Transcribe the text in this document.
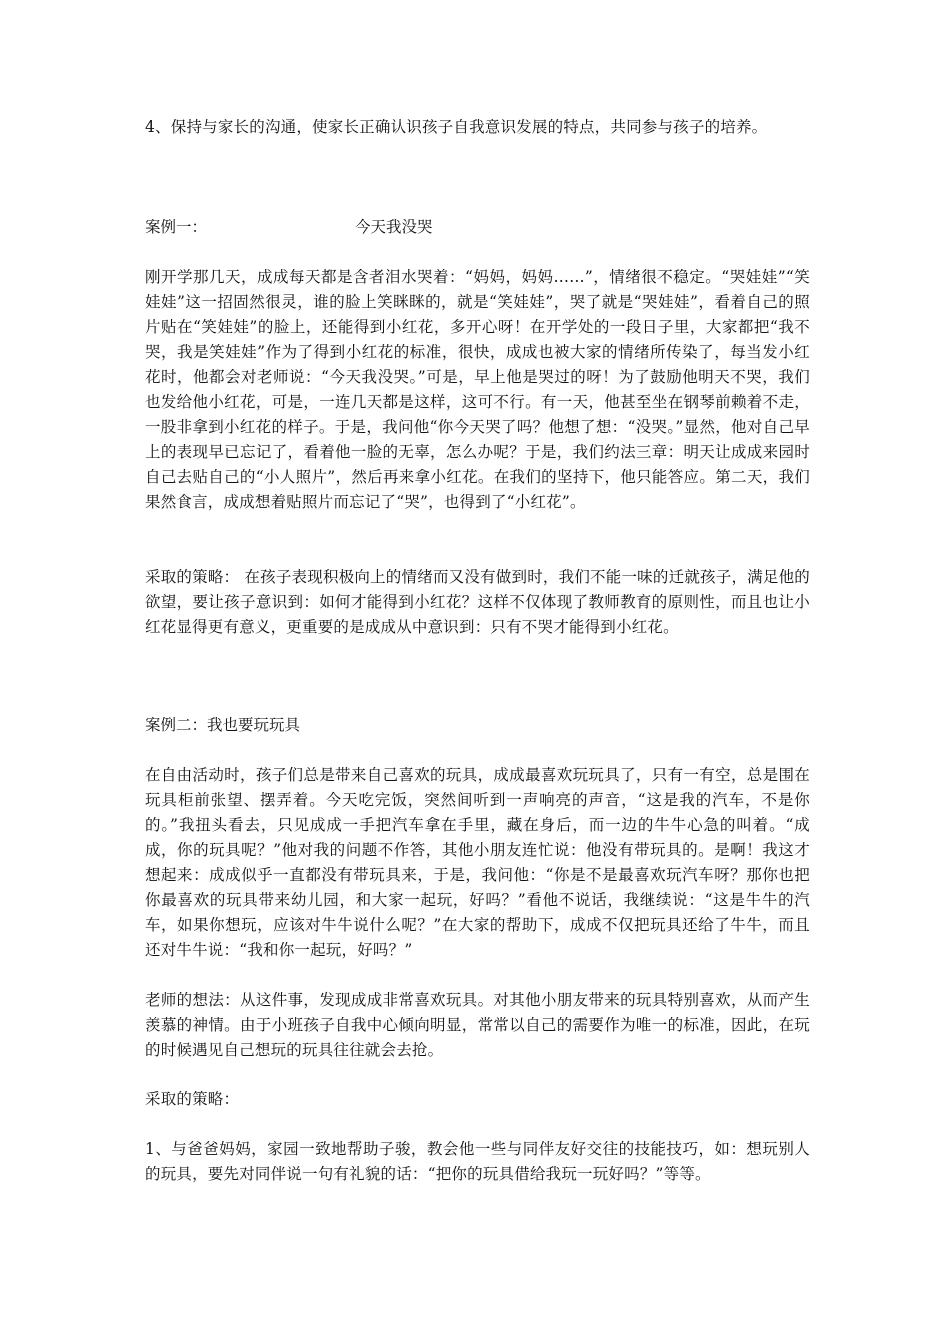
4、保持与家长的沟通，使家长正确认识孩子自我意识发展的特点，共同参与孩子的培养。
案例一：	今天我没哭
刚开学那几天，成成每天都是含者泪水哭着：“妈妈，妈妈……”，情绪很不稳定。“哭娃娃”“笑娃娃”这一招固然很灵，谁的脸上笑眯眯的，就是“笑娃娃”，哭了就是“哭娃娃”，看着自己的照片贴在“笑娃娃”的脸上，还能得到小红花，多开心呀！在开学处的一段日子里，大家都把“我不哭，我是笑娃娃”作为了得到小红花的标准，很快，成成也被大家的情绪所传染了，每当发小红花时，他都会对老师说：“今天我没哭。”可是，早上他是哭过的呀！为了鼓励他明天不哭，我们也发给他小红花，可是，一连几天都是这样，这可不行。有一天，他甚至坐在钢琴前赖着不走，一股非拿到小红花的样子。于是，我问他“你今天哭了吗？他想了想：“没哭。”显然，他对自己早上的表现早已忘记了，看着他一脸的无辜，怎么办呢？于是，我们约法三章：明天让成成来园时自己去贴自己的“小人照片”，然后再来拿小红花。在我们的坚持下，他只能答应。第二天，我们果然食言，成成想着贴照片而忘记了“哭”，也得到了“小红花”。
采取的策略： 在孩子表现积极向上的情绪而又没有做到时，我们不能一味的迁就孩子，满足他的欲望，要让孩子意识到：如何才能得到小红花？这样不仅体现了教师教育的原则性，而且也让小红花显得更有意义，更重要的是成成从中意识到：只有不哭才能得到小红花。
案例二：我也要玩玩具
在自由活动时，孩子们总是带来自己喜欢的玩具，成成最喜欢玩玩具了，只有一有空，总是围在玩具柜前张望、摆弄着。今天吃完饭，突然间听到一声响亮的声音，“这是我的汽车，不是你的。”我扭头看去，只见成成一手把汽车拿在手里，藏在身后，而一边的牛牛心急的叫着。“成成，你的玩具呢？”他对我的问题不作答，其他小朋友连忙说：他没有带玩具的。是啊！我这才想起来：成成似乎一直都没有带玩具来，于是，我问他：“你是不是最喜欢玩汽车呀？那你也把你最喜欢的玩具带来幼儿园，和大家一起玩，好吗？”看他不说话，我继续说：“这是牛牛的汽车，如果你想玩，应该对牛牛说什么呢？”在大家的帮助下，成成不仅把玩具还给了牛牛，而且还对牛牛说：“我和你一起玩，好吗？”
老师的想法：从这件事，发现成成非常喜欢玩具。对其他小朋友带来的玩具特别喜欢，从而产生羡慕的神情。由于小班孩子自我中心倾向明显，常常以自己的需要作为唯一的标准，因此，在玩的时候遇见自己想玩的玩具往往就会去抢。
采取的策略：
1、与爸爸妈妈，家园一致地帮助子骏，教会他一些与同伴友好交往的技能技巧，如：想玩别人的玩具，要先对同伴说一句有礼貌的话：“把你的玩具借给我玩一玩好吗？”等等。
